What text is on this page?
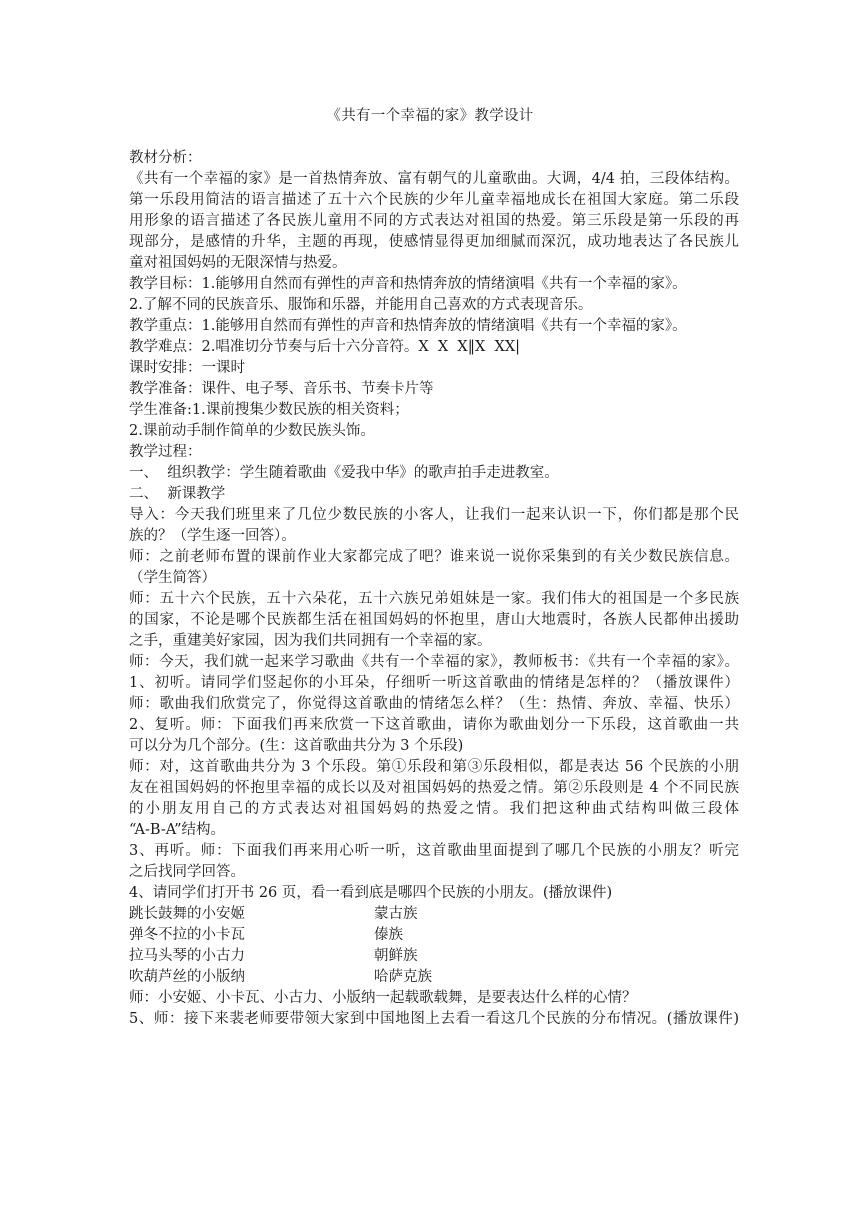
《共有一个幸福的家》教学设计
教材分析：
《共有一个幸福的家》是一首热情奔放、富有朝气的儿童歌曲。大调，4/4 拍，三段体结构。
第一乐段用简洁的语言描述了五十六个民族的少年儿童幸福地成长在祖国大家庭。第二乐段
用形象的语言描述了各民族儿童用不同的方式表达对祖国的热爱。第三乐段是第一乐段的再
现部分，是感情的升华，主题的再现，使感情显得更加细腻而深沉，成功地表达了各民族儿
童对祖国妈妈的无限深情与热爱。
教学目标：1.能够用自然而有弹性的声音和热情奔放的情绪演唱《共有一个幸福的家》。
2.了解不同的民族音乐、服饰和乐器，并能用自己喜欢的方式表现音乐。
教学重点：1.能够用自然而有弹性的声音和热情奔放的情绪演唱《共有一个幸福的家》。
教学难点：2.唱准切分节奏与后十六分音符。X  X  X‖X  XX|
课时安排：一课时
教学准备：课件、电子琴、音乐书、节奏卡片等
学生准备:1.课前搜集少数民族的相关资料；
2.课前动手制作简单的少数民族头饰。
教学过程：
一、  组织教学：学生随着歌曲《爱我中华》的歌声拍手走进教室。
二、  新课教学
导入：今天我们班里来了几位少数民族的小客人，让我们一起来认识一下，你们都是那个民
族的？（学生逐一回答）。
师：之前老师布置的课前作业大家都完成了吧？谁来说一说你采集到的有关少数民族信息。
（学生简答）
师：五十六个民族，五十六朵花，五十六族兄弟姐妹是一家。我们伟大的祖国是一个多民族
的国家，不论是哪个民族都生活在祖国妈妈的怀抱里，唐山大地震时，各族人民都伸出援助
之手，重建美好家园，因为我们共同拥有一个幸福的家。
师：今天，我们就一起来学习歌曲《共有一个幸福的家》，教师板书：《共有一个幸福的家》。
1、初听。请同学们竖起你的小耳朵，仔细听一听这首歌曲的情绪是怎样的？（播放课件）
师：歌曲我们欣赏完了，你觉得这首歌曲的情绪怎么样？（生：热情、奔放、幸福、快乐）
2、复听。师：下面我们再来欣赏一下这首歌曲，请你为歌曲划分一下乐段，这首歌曲一共
可以分为几个部分。(生：这首歌曲共分为 3 个乐段)
师：对，这首歌曲共分为 3 个乐段。第①乐段和第③乐段相似，都是表达 56 个民族的小朋
友在祖国妈妈的怀抱里幸福的成长以及对祖国妈妈的热爱之情。第②乐段则是 4 个不同民族
的小朋友用自己的方式表达对祖国妈妈的热爱之情。我们把这种曲式结构叫做三段体
“A-B-A”结构。
3、再听。师：下面我们再来用心听一听，这首歌曲里面提到了哪几个民族的小朋友？听完
之后找同学回答。
4、请同学们打开书 26 页，看一看到底是哪四个民族的小朋友。(播放课件)
跳长鼓舞的小安姬	蒙古族
弹冬不拉的小卡瓦	傣族
拉马头琴的小古力	朝鲜族
吹葫芦丝的小版纳	哈萨克族
师：小安姬、小卡瓦、小古力、小版纳一起载歌载舞，是要表达什么样的心情？
5、师：接下来裴老师要带领大家到中国地图上去看一看这几个民族的分布情况。(播放课件)
